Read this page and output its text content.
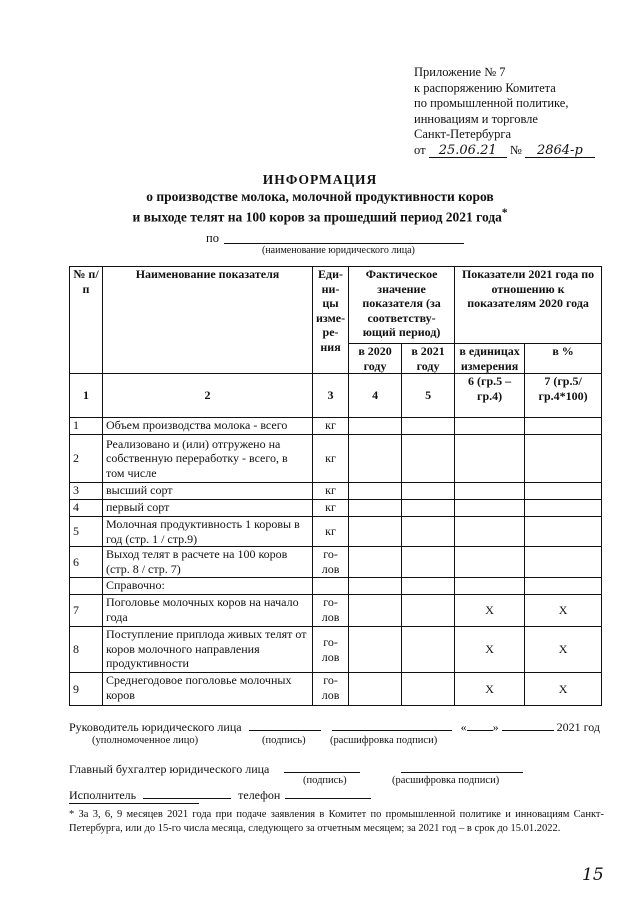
Приложение № 7
к распоряжению Комитета
по промышленной политике,
инновациям и торговле
Санкт-Петербурга
от 25.06.21 № 2864-р
ИНФОРМАЦИЯ
о производстве молока, молочной продуктивности коров
и выходе телят на 100 коров за прошедший период 2021 года*
по
(наименование юридического лица)
№ п/п	Наименование показателя	Еди- ни- цы изме- ре- ния	Фактическое значение показателя (за соответству- ющий период)		Показатели 2021 года по отношению к показателям 2020 года	
			в 2020 году	в 2021 году	в единицах измерения	в %
1	2	3	4	5	6 (гр.5 – гр.4)	7 (гр.5/ гр.4*100)
1	Объем производства молока - всего	кг				
2	Реализовано и (или) отгружено на собственную переработку - всего, в том числе	кг				
3	высший сорт	кг				
4	первый сорт	кг				
5	Молочная продуктивность 1 коровы в год (стр. 1 / стр.9)	кг				
6	Выход телят в расчете на 100 коров (стр. 8 / стр. 7)	го- лов				
	Справочно:					
7	Поголовье молочных коров на начало года	го- лов			Х	Х
8	Поступление приплода живых телят от коров молочного направления продуктивности	го- лов			Х	Х
9	Среднегодовое поголовье молочных коров	го- лов			Х	Х
Руководитель юридического лица	« »	2021 год
(уполномоченное лицо)	(подпись) (расшифровка подписи)
Главный бухгалтер юридического лица
(подпись)	(расшифровка подписи)
Исполнитель	телефон
* За 3, 6, 9 месяцев 2021 года при подаче заявления в Комитет по промышленной политике и инновациям Санкт-Петербурга, или до 15-го числа месяца, следующего за отчетным месяцем; за 2021 год – в срок до 15.01.2022.
15
